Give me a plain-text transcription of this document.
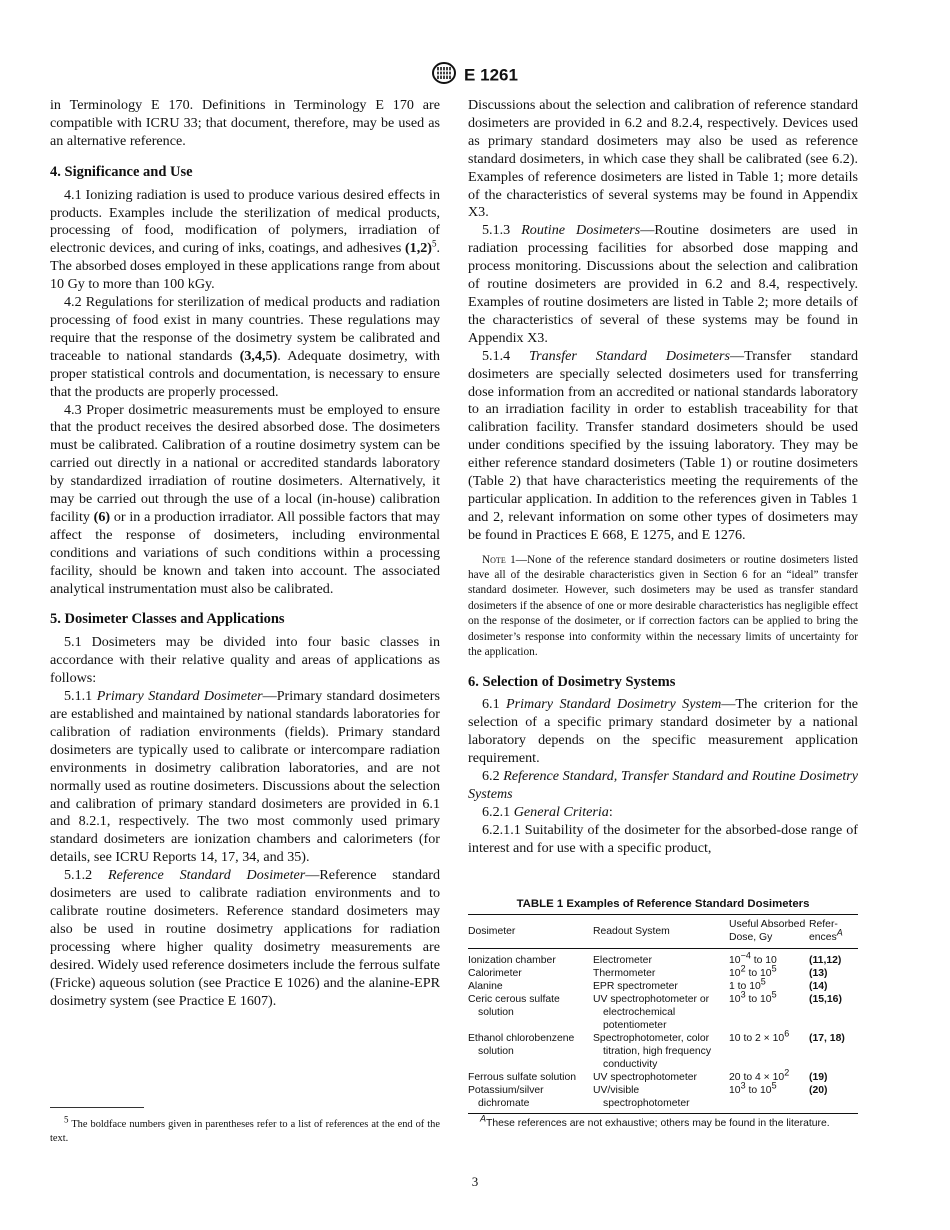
E 1261

in Terminology E 170. Definitions in Terminology E 170 are compatible with ICRU 33; that document, therefore, may be used as an alternative reference.

4. Significance and Use

4.1 Ionizing radiation is used to produce various desired effects in products. Examples include the sterilization of medical products, processing of food, modification of polymers, irradiation of electronic devices, and curing of inks, coatings, and adhesives $(1,2)^5$. The absorbed doses employed in these applications range from about 10 Gy to more than 100 kGy.

4.2 Regulations for sterilization of medical products and radiation processing of food exist in many countries. These regulations may require that the response of the dosimetry system be calibrated and traceable to national standards (3,4,5). Adequate dosimetry, with proper statistical controls and documentation, is necessary to ensure that the products are properly processed.

4.3 Proper dosimetric measurements must be employed to ensure that the product receives the desired absorbed dose. The dosimeters must be calibrated. Calibration of a routine dosimetry system can be carried out directly in a national or accredited standards laboratory by standardized irradiation of routine dosimeters. Alternatively, it may be carried out through the use of a local (in-house) calibration facility (6) or in a production irradiator. All possible factors that may affect the response of dosimeters, including environmental conditions and variations of such conditions within a processing facility, should be known and taken into account. The associated analytical instrumentation must also be calibrated.

5. Dosimeter Classes and Applications

5.1 Dosimeters may be divided into four basic classes in accordance with their relative quality and areas of applications as follows:

5.1.1 Primary Standard Dosimeter—Primary standard dosimeters are established and maintained by national standards laboratories for calibration of radiation environments (fields). Primary standard dosimeters are typically used to calibrate or intercompare radiation environments in dosimetry calibration laboratories, and are not normally used as routine dosimeters. Discussions about the selection and calibration of primary standard dosimeters are provided in 6.1 and 8.2.1, respectively. The two most commonly used primary standard dosimeters are ionization chambers and calorimeters (for details, see ICRU Reports 14, 17, 34, and 35).

5.1.2 Reference Standard Dosimeter—Reference standard dosimeters are used to calibrate radiation environments and to calibrate routine dosimeters. Reference standard dosimeters may also be used in routine dosimetry applications for radiation processing where higher quality dosimetry measurements are desired. Widely used reference dosimeters include the ferrous sulfate (Fricke) aqueous solution (see Practice E 1026) and the alanine-EPR dosimetry system (see Practice E 1607).

$^5$ The boldface numbers given in parentheses refer to a list of references at the end of the text.

Discussions about the selection and calibration of reference standard dosimeters are provided in 6.2 and 8.2.4, respectively. Devices used as primary standard dosimeters may also be used as reference standard dosimeters, in which case they shall be calibrated (see 6.2). Examples of reference dosimeters are listed in Table 1; more details of the characteristics of several systems may be found in Appendix X3.

5.1.3 Routine Dosimeters—Routine dosimeters are used in radiation processing facilities for absorbed dose mapping and process monitoring. Discussions about the selection and calibration of routine dosimeters are provided in 6.2 and 8.4, respectively. Examples of routine dosimeters are listed in Table 2; more details of the characteristics of several of these systems may be found in Appendix X3.

5.1.4 Transfer Standard Dosimeters—Transfer standard dosimeters are specially selected dosimeters used for transferring dose information from an accredited or national standards laboratory to an irradiation facility in order to establish traceability for that calibration facility. Transfer standard dosimeters should be used under conditions specified by the issuing laboratory. They may be either reference standard dosimeters (Table 1) or routine dosimeters (Table 2) that have characteristics meeting the requirements of the particular application. In addition to the references given in Tables 1 and 2, relevant information on some other types of dosimeters may be found in Practices E 668, E 1275, and E 1276.

Note 1—None of the reference standard dosimeters or routine dosimeters listed have all of the desirable characteristics given in Section 6 for an “ideal” transfer standard dosimeter. However, such dosimeters may be used as transfer standard dosimeters if the absence of one or more desirable characteristics has negligible effect on the response of the dosimeter, or if correction factors can be applied to bring the dosimeter’s response into conformity within the necessary limits of uncertainty for the application.

6. Selection of Dosimetry Systems

6.1 Primary Standard Dosimetry System—The criterion for the selection of a specific primary standard dosimeter by a national laboratory depends on the specific measurement application requirement.

6.2 Reference Standard, Transfer Standard and Routine Dosimetry Systems

6.2.1 General Criteria:

6.2.1.1 Suitability of the dosimeter for the absorbed-dose range of interest and for use with a specific product,

TABLE 1 Examples of Reference Standard Dosimeters
Dosimeter	Readout System	Useful Absorbed Dose, Gy	Refer-ences$^A$

Ionization chamber	Electrometer	$10^{-4}$ to 10	(11,12)

Calorimeter	Thermometer	$10^2$ to $10^5$	(13)

Alanine	EPR spectrometer	1 to $10^5$	(14)

Ceric cerous sulfate solution	UV spectrophotometer or electrochemical potentiometer	$10^3$ to $10^5$	(15,16)

Ethanol chlorobenzene solution	Spectrophotometer, color titration, high frequency conductivity	10 to $2 \times 10^6$	(17, 18)

Ferrous sulfate solution	UV spectrophotometer	20 to $4 \times 10^2$	(19)

Potassium/silver dichromate	UV/visible spectrophotometer	$10^3$ to $10^5$	(20)
$^A$These references are not exhaustive; others may be found in the literature.
3
